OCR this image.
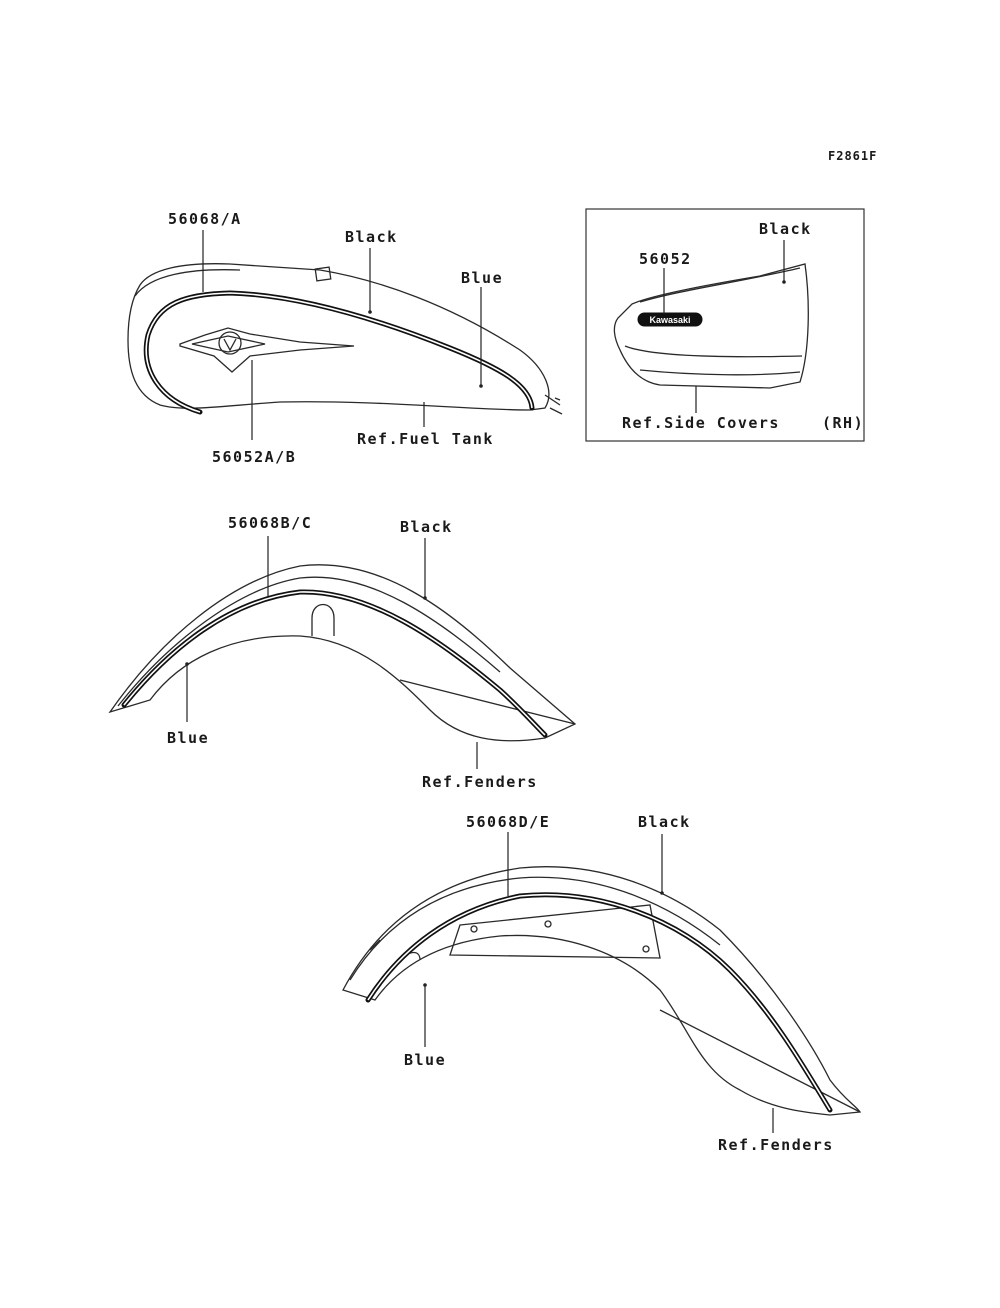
F2861F
56068/A
Black
Blue
56052A/B
Ref.Fuel Tank
Kawasaki
56052
Black
Ref.Side Covers	(RH)
56068B/C	Black
Blue
Ref.Fenders
56068D/E	Black
Blue
Ref.Fenders
